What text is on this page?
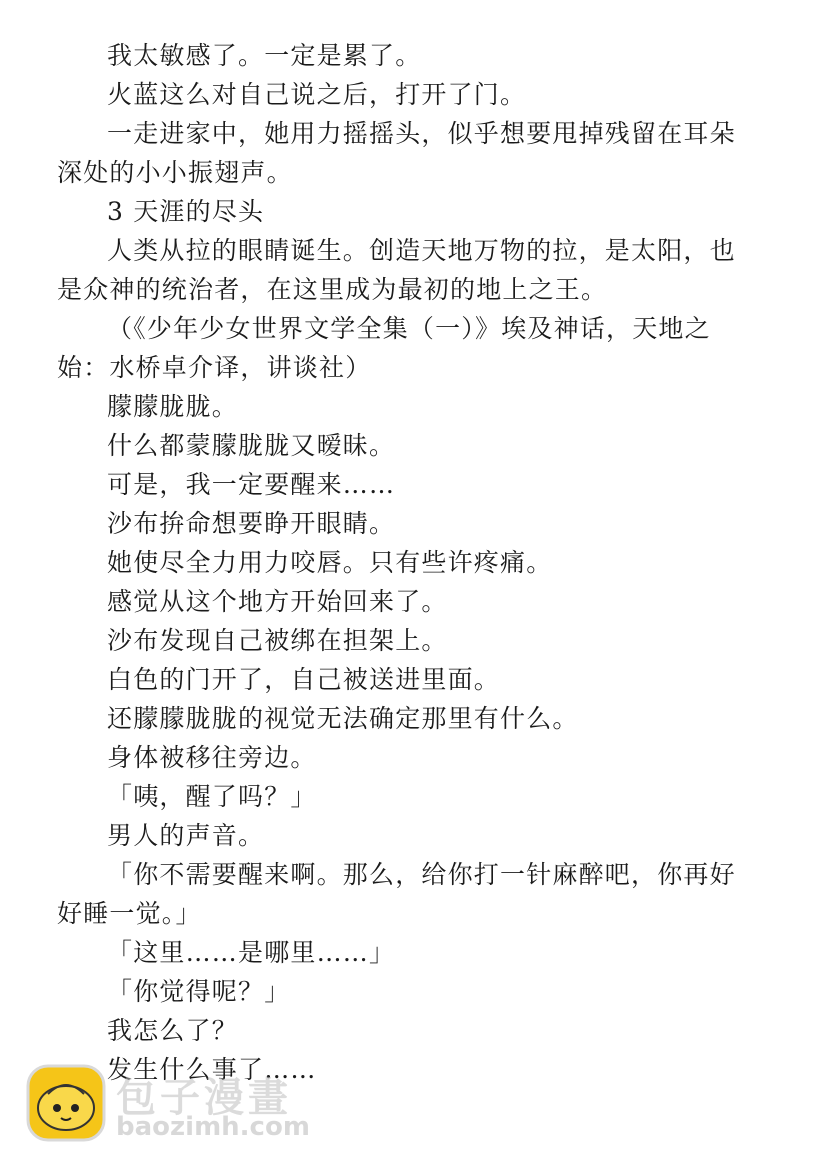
我太敏感了。一定是累了。

火蓝这么对自己说之后，打开了门。

一走进家中，她用力摇摇头，似乎想要甩掉残留在耳朵深处的小小振翅声。

3 天涯的尽头

人类从拉的眼睛诞生。创造天地万物的拉，是太阳，也是众神的统治者，在这里成为最初的地上之王。

（《少年少女世界文学全集（一）》埃及神话，天地之始：水桥卓介译，讲谈社）

朦朦胧胧。

什么都蒙朦胧胧又暧昧。

可是，我一定要醒来……

沙布拚命想要睁开眼睛。

她使尽全力用力咬唇。只有些许疼痛。

感觉从这个地方开始回来了。

沙布发现自己被绑在担架上。

白色的门开了，自己被送进里面。

还朦朦胧胧的视觉无法确定那里有什么。

身体被移往旁边。

「咦，醒了吗？」

男人的声音。

「你不需要醒来啊。那么，给你打一针麻醉吧，你再好好睡一觉。」

「这里……是哪里……」

「你觉得呢？」

我怎么了？

发生什么事了……

包子漫畫
baozimh.com
